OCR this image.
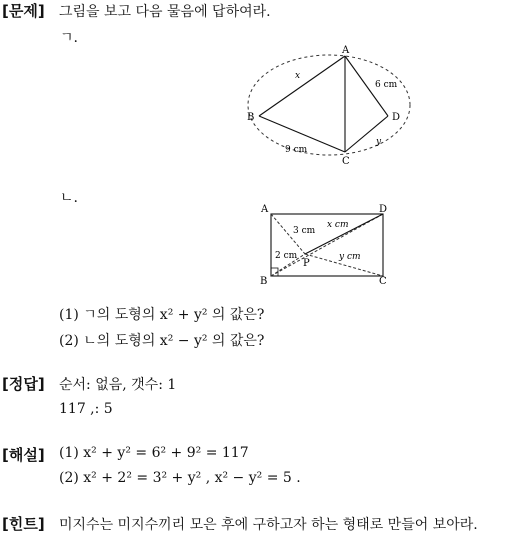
[문제] 그림을 보고 다음 물음에 답하여라.
ㄱ.
A
B
C
D
6 cm
9 cm
x
y
ㄴ.
A
B	C
D
P
3 cm
2 cm
x cm
y cm
(1) ㄱ의 도형의 x² + y² 의 값은?
(2) ㄴ의 도형의 x² − y² 의 값은?
[정답] 순서: 없음, 갯수: 1
117 ,: 5
[해설] (1) x² + y² = 6² + 9² = 117
(2) x² + 2² = 3² + y² , x² − y² = 5 .
[힌트] 미지수는 미지수끼리 모은 후에 구하고자 하는 형태로 만들어 보아라.
